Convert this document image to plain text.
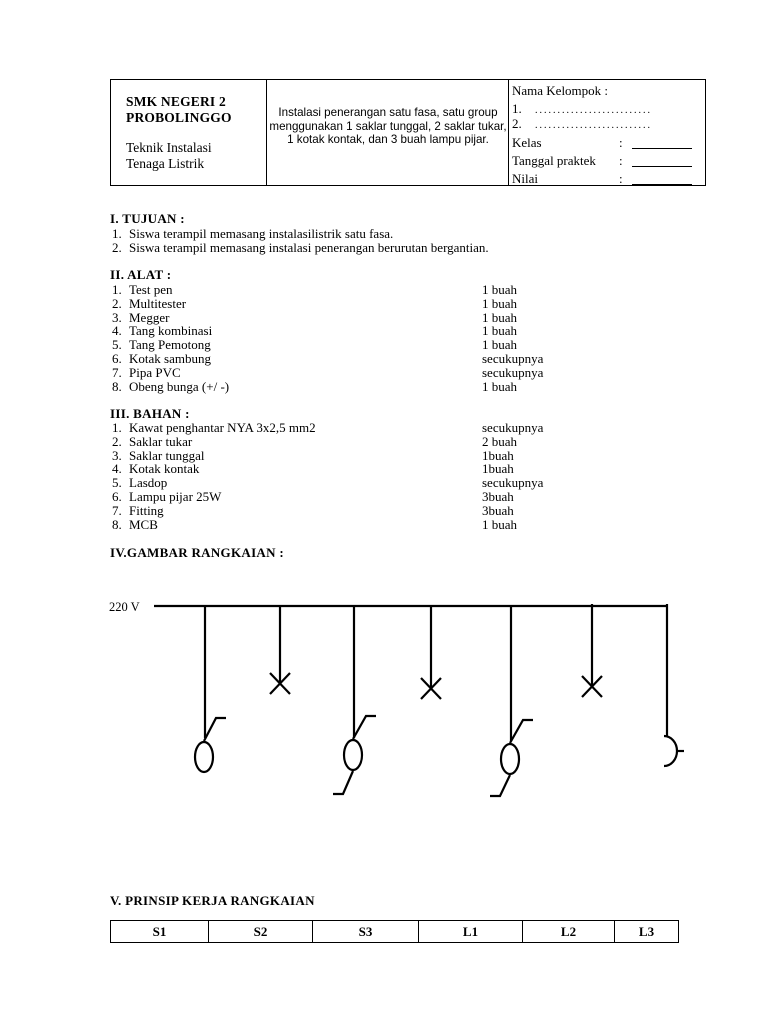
SMK NEGERI 2
PROBOLINGGO
Teknik Instalasi
Tenaga Listrik
Instalasi penerangan satu fasa, satu group menggunakan 1 saklar tunggal, 2 saklar tukar, 1 kotak kontak, dan 3 buah lampu pijar.
Nama Kelompok :
1. ..........................
2. ..........................
Kelas	:
Tanggal praktek :
Nilai	:
I. TUJUAN :
1. Siswa terampil memasang instalasilistrik satu fasa.
2. Siswa terampil memasang instalasi penerangan berurutan bergantian.
II. ALAT :
1. Test pen	1 buah
2. Multitester	1 buah
3. Megger	1 buah
4. Tang kombinasi	1 buah
5. Tang Pemotong	1 buah
6. Kotak sambung	secukupnya
7. Pipa PVC	secukupnya
8. Obeng bunga (+/ -)	1 buah
III. BAHAN :
1. Kawat penghantar NYA 3x2,5 mm2	secukupnya
2. Saklar tukar	2 buah
3. Saklar tunggal	1buah
4. Kotak kontak	1buah
5. Lasdop	secukupnya
6. Lampu pijar 25W	3buah
7. Fitting	3buah
8. MCB	1 buah
IV.GAMBAR RANGKAIAN :
220 V
V. PRINSIP KERJA RANGKAIAN
S1	S2	S3	L1	L2	L3
